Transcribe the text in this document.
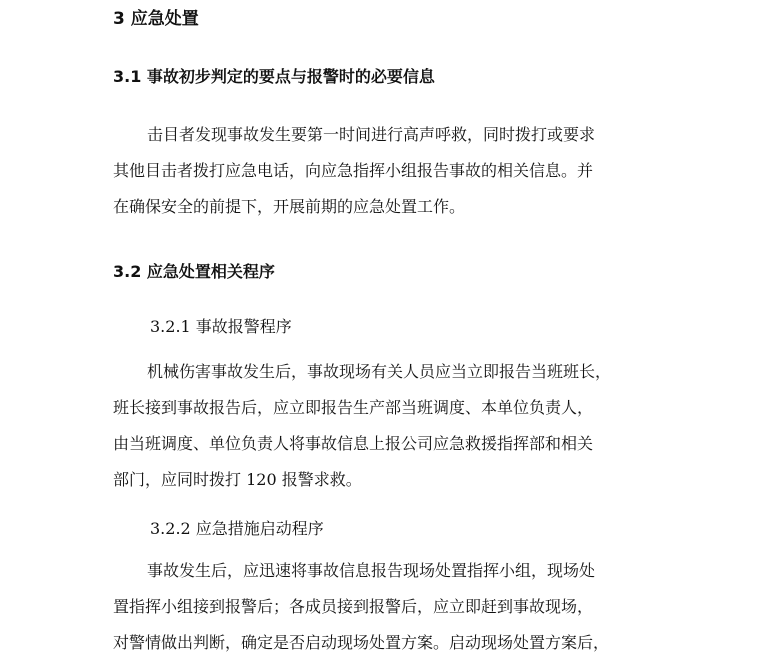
3 应急处置
3.1 事故初步判定的要点与报警时的必要信息
击目者发现事故发生要第一时间进行高声呼救，同时拨打或要求
其他目击者拨打应急电话，向应急指挥小组报告事故的相关信息。并
在确保安全的前提下，开展前期的应急处置工作。
3.2 应急处置相关程序
3.2.1 事故报警程序
机械伤害事故发生后，事故现场有关人员应当立即报告当班班长，
班长接到事故报告后，应立即报告生产部当班调度、本单位负责人，
由当班调度、单位负责人将事故信息上报公司应急救援指挥部和相关
部门，应同时拨打 120 报警求救。
3.2.2 应急措施启动程序
事故发生后，应迅速将事故信息报告现场处置指挥小组，现场处
置指挥小组接到报警后；各成员接到报警后，应立即赶到事故现场，
对警情做出判断，确定是否启动现场处置方案。启动现场处置方案后，
